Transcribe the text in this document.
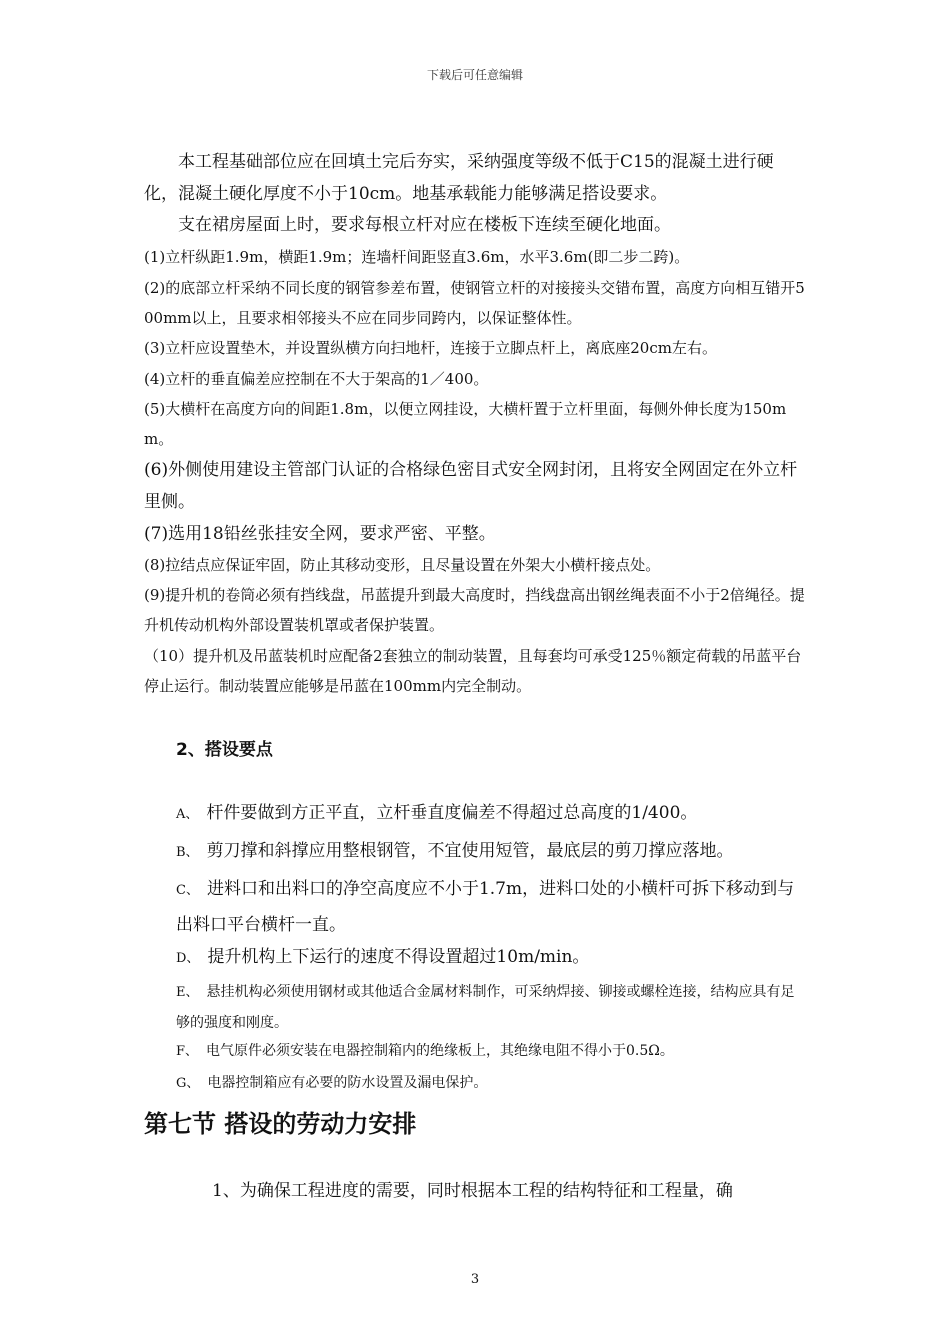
下载后可任意编辑

本工程基础部位应在回填土完后夯实，采纳强度等级不低于C15的混凝土进行硬化，混凝土硬化厚度不小于10cm。地基承载能力能够满足搭设要求。

支在裙房屋面上时，要求每根立杆对应在楼板下连续至硬化地面。

(1)立杆纵距1.9m，横距1.9m；连墙杆间距竖直3.6m，水平3.6m(即二步二跨)。

(2)的底部立杆采纳不同长度的钢管参差布置，使钢管立杆的对接接头交错布置，高度方向相互错开500mm以上，且要求相邻接头不应在同步同跨内，以保证整体性。

(3)立杆应设置垫木，并设置纵横方向扫地杆，连接于立脚点杆上，离底座20cm左右。

(4)立杆的垂直偏差应控制在不大于架高的1／400。

(5)大横杆在高度方向的间距1.8m，以便立网挂设，大横杆置于立杆里面，每侧外伸长度为150mm。

(6)外侧使用建设主管部门认证的合格绿色密目式安全网封闭，且将安全网固定在外立杆里侧。

(7)选用18铅丝张挂安全网，要求严密、平整。

(8)拉结点应保证牢固，防止其移动变形，且尽量设置在外架大小横杆接点处。

(9)提升机的卷筒必须有挡线盘，吊蓝提升到最大高度时，挡线盘高出钢丝绳表面不小于2倍绳径。提升机传动机构外部设置装机罩或者保护装置。

（10）提升机及吊蓝装机时应配备2套独立的制动装置，且每套均可承受125％额定荷载的吊蓝平台停止运行。制动装置应能够是吊蓝在100mm内完全制动。

2、搭设要点
A、 杆件要做到方正平直，立杆垂直度偏差不得超过总高度的1/400。
B、 剪刀撑和斜撑应用整根钢管，不宜使用短管，最底层的剪刀撑应落地。
C、 进料口和出料口的净空高度应不小于1.7m，进料口处的小横杆可拆下移动到与出料口平台横杆一直。
D、 提升机构上下运行的速度不得设置超过10m/min。
E、 悬挂机构必须使用钢材或其他适合金属材料制作，可采纳焊接、铆接或螺栓连接，结构应具有足够的强度和刚度。
F、 电气原件必须安装在电器控制箱内的绝缘板上，其绝缘电阻不得小于0.5Ω。
G、 电器控制箱应有必要的防水设置及漏电保护。
第七节 搭设的劳动力安排

1、为确保工程进度的需要，同时根据本工程的结构特征和工程量，确

3
